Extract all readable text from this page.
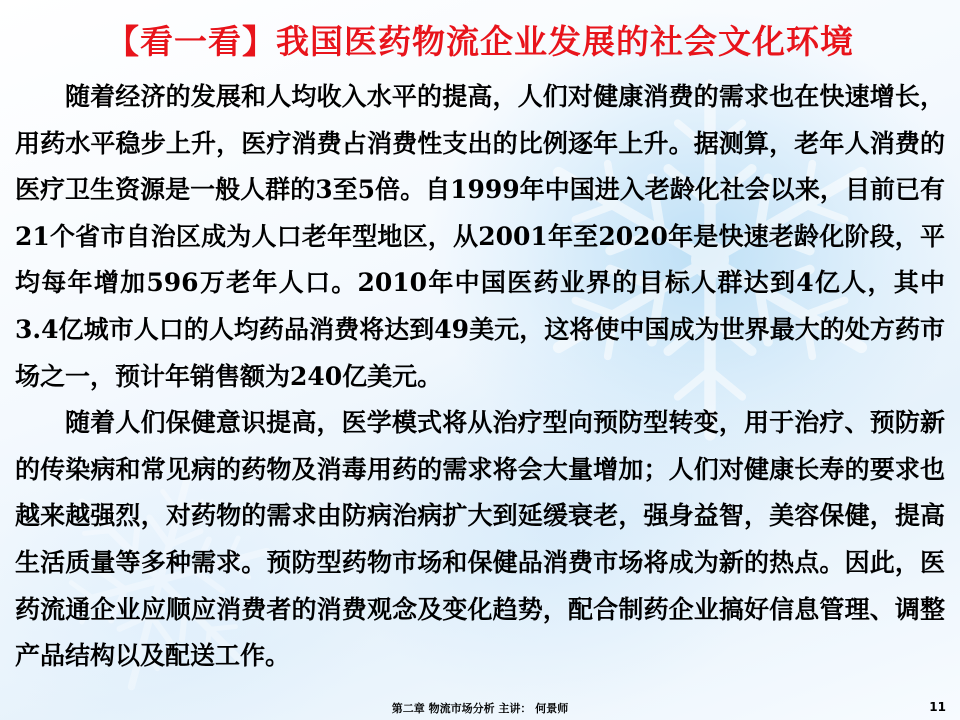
【看一看】我国医药物流企业发展的社会文化环境

随着经济的发展和人均收入水平的提高，人们对健康消费的需求也在快速增长，用药水平稳步上升，医疗消费占消费性支出的比例逐年上升。据测算，老年人消费的医疗卫生资源是一般人群的3至5倍。自1999年中国进入老龄化社会以来，目前已有21个省市自治区成为人口老年型地区，从2001年至2020年是快速老龄化阶段，平均每年增加596万老年人口。2010年中国医药业界的目标人群达到4亿人，其中3.4亿城市人口的人均药品消费将达到49美元，这将使中国成为世界最大的处方药市场之一，预计年销售额为240亿美元。

随着人们保健意识提高，医学模式将从治疗型向预防型转变，用于治疗、预防新的传染病和常见病的药物及消毒用药的需求将会大量增加；人们对健康长寿的要求也越来越强烈，对药物的需求由防病治病扩大到延缓衰老，强身益智，美容保健，提高生活质量等多种需求。预防型药物市场和保健品消费市场将成为新的热点。因此，医药流通企业应顺应消费者的消费观念及变化趋势，配合制药企业搞好信息管理、调整产品结构以及配送工作。

第二章 物流市场分析 主讲： 何景师	11
